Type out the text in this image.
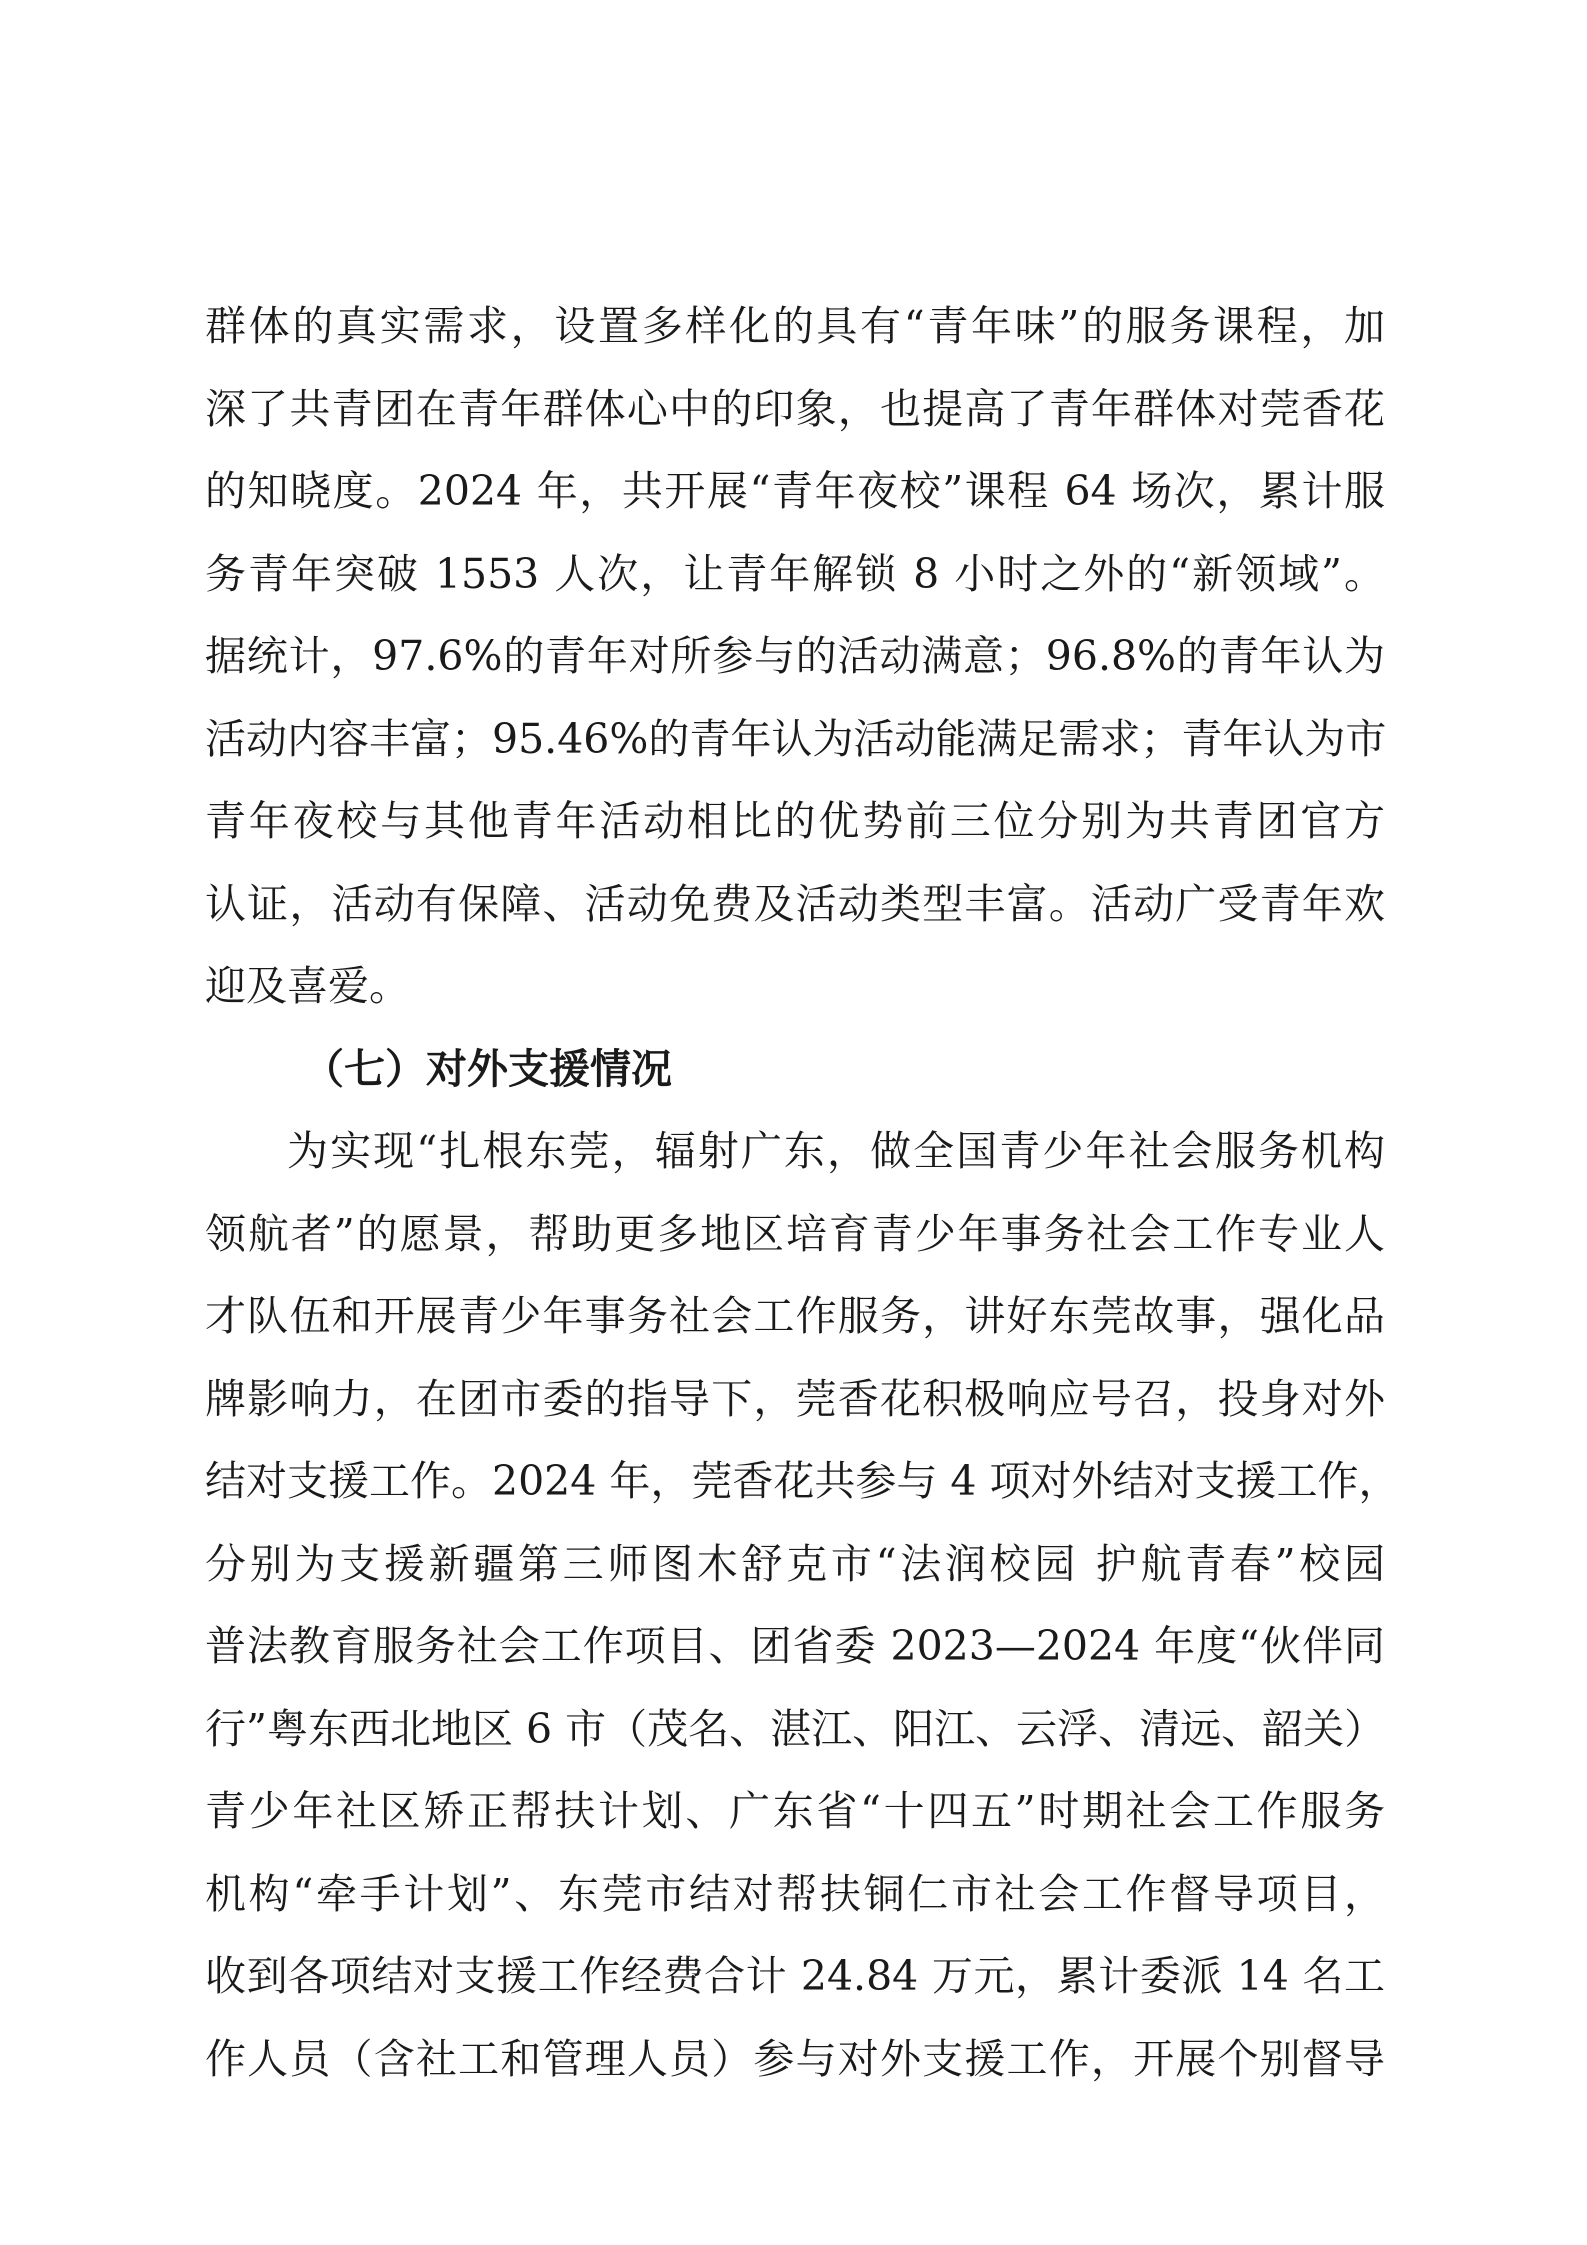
群体的真实需求，设置多样化的具有“青年味”的服务课程，加
深了共青团在青年群体心中的印象，也提高了青年群体对莞香花
的知晓度。2024 年，共开展“青年夜校”课程 64 场次，累计服
务青年突破 1553 人次，让青年解锁 8 小时之外的“新领域”。
据统计，97.6%的青年对所参与的活动满意；96.8%的青年认为
活动内容丰富；95.46%的青年认为活动能满足需求；青年认为市
青年夜校与其他青年活动相比的优势前三位分别为共青团官方
认证，活动有保障、活动免费及活动类型丰富。活动广受青年欢
迎及喜爱。
（七）对外支援情况
为实现“扎根东莞，辐射广东，做全国青少年社会服务机构
领航者”的愿景，帮助更多地区培育青少年事务社会工作专业人
才队伍和开展青少年事务社会工作服务，讲好东莞故事，强化品
牌影响力，在团市委的指导下，莞香花积极响应号召，投身对外
结对支援工作。2024 年，莞香花共参与 4 项对外结对支援工作，
分别为支援新疆第三师图木舒克市“法润校园 护航青春”校园
普法教育服务社会工作项目、团省委 2023—2024 年度“伙伴同
行”粤东西北地区 6 市（茂名、湛江、阳江、云浮、清远、韶关）
青少年社区矫正帮扶计划、广东省“十四五”时期社会工作服务
机构“牵手计划”、东莞市结对帮扶铜仁市社会工作督导项目，
收到各项结对支援工作经费合计 24.84 万元，累计委派 14 名工
作人员（含社工和管理人员）参与对外支援工作，开展个别督导
